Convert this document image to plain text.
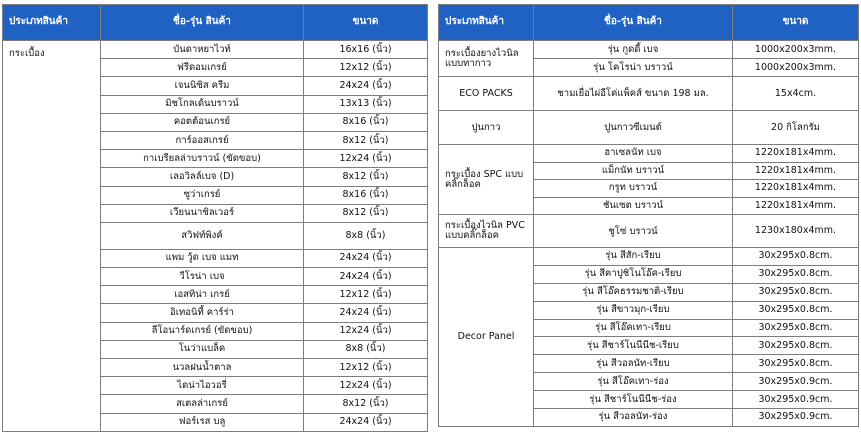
ประเภทสินค้า	ชื่อ-รุ่น สินค้า	ขนาด
กระเบื้อง	บันดาหยาไวท์	16x16 (นิ้ว)
	ฟรีดอมเกรย์	12x12 (นิ้ว)
	เจนนิซิส ครีม	24x24 (นิ้ว)
	มิชโกลเด้นบราวน์	13x13 (นิ้ว)
	คอตต้อนเกรย์	8x16 (นิ้ว)
	การ์ออสเกรย์	8x12 (นิ้ว)
	กาเบรียลล่าบราวน์ (ขัดขอบ)	12x24 (นิ้ว)
	เลอวิลล์เบจ (D)	8x12 (นิ้ว)
	ซูว่าเกรย์	8x16 (นิ้ว)
	เวียนนาซิลเวอร์	8x12 (นิ้ว)
	สวิฟท์พิงค์	8x8 (นิ้ว)
	แพม วู้ด เบจ แมท	24x24 (นิ้ว)
	วีโรน่า เบจ	24x24 (นิ้ว)
	เอสทิน่า เกรย์	12x12 (นิ้ว)
	อิเทอนิที้ คาร์ร่า	24x24 (นิ้ว)
	ลีโอนาร์ดเกรย์ (ขัดขอบ)	12x24 (นิ้ว)
	โนว่าแบล็ค	8x8 (นิ้ว)
	นวลฝนน้ำตาล	12x12 (นิ้ว)
	ไดน่าไอวอรี่	12x24 (นิ้ว)
	สเตลล่าเกรย์	8x12 (นิ้ว)
	ฟอร์เรส บลู	24x24 (นิ้ว)
ประเภทสินค้า	ชื่อ-รุ่น สินค้า	ขนาด
กระเบื้องยางไวนิลแบบทากาว	รุ่น กูดดี้ เบจ	1000x200x3mm.
	รุ่น โคโรน่า บราวน์	1000x200x3mm.
ECO PACKS	ชามเยื่อไผ่อีโค่แพ็คส์ ขนาด 198 มล.	15x4cm.
ปูนกาว	ปูนกาวซีเมนต์	20 กิโลกรัม
กระเบื้อง SPC แบบคลิ๊กล็อค	ฮาเซลนัท เบจ	1220x181x4mm.
	แม็กนัท บราวน์	1220x181x4mm.
	กรูท บราวน์	1220x181x4mm.
	ชันเซต บราวน์	1220x181x4mm.
กระเบื้องไวนิล PVC แบบคลิ๊กล็อค	ชูโซ่ บราวน์	1230x180x4mm.
Decor Panel	รุ่น สีสัก-เรียบ	30x295x0.8cm.
	รุ่น สีคาปูชิโนโอ๊ค-เรียบ	30x295x0.8cm.
	รุ่น สีโอ๊คธรรมชาติ-เรียบ	30x295x0.8cm.
	รุ่น สีขาวมุก-เรียบ	30x295x0.8cm.
	รุ่น สีโอ๊คเทา-เรียบ	30x295x0.8cm.
	รุ่น สีชาร์โนนีนีช-เรียบ	30x295x0.8cm.
	รุ่น สีวอลนัท-เรียบ	30x295x0.8cm.
	รุ่น สีโอ๊คเทา-ร่อง	30x295x0.9cm.
	รุ่น สีชาร์โนนีนีช-ร่อง	30x295x0.9cm.
	รุ่น สีวอลนัท-ร่อง	30x295x0.9cm.
